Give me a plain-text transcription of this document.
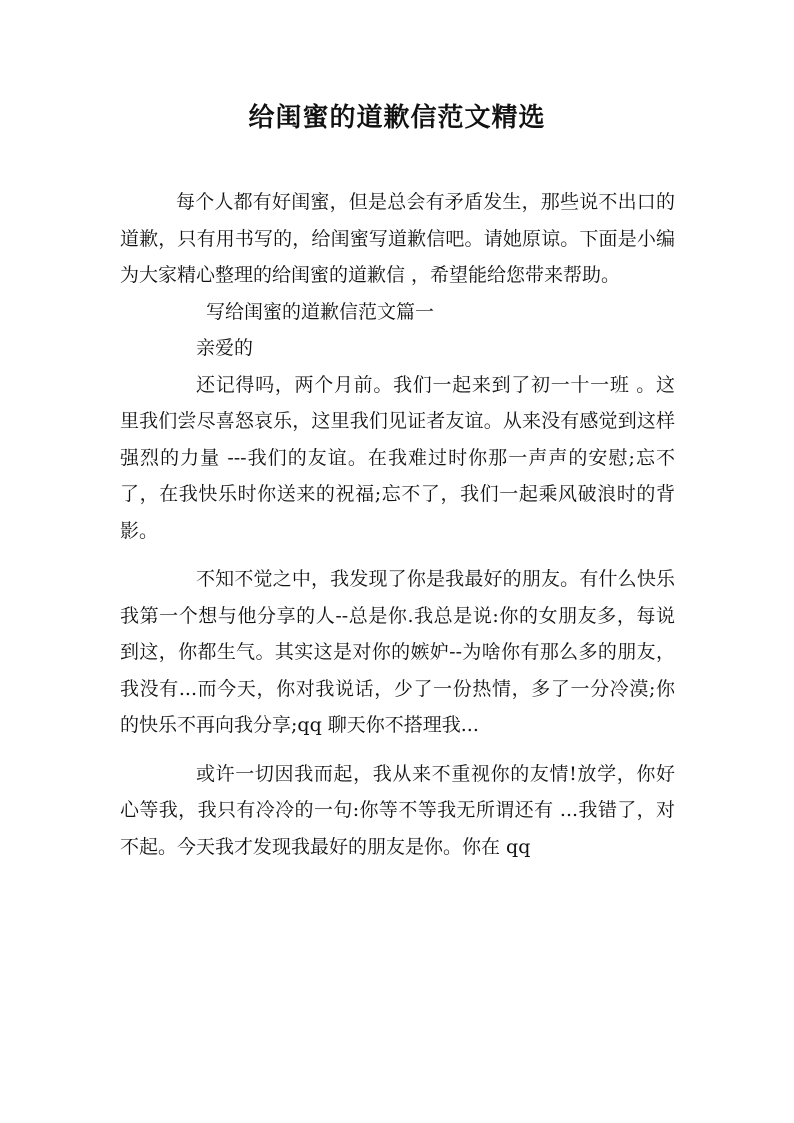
给闺蜜的道歉信范文精选

每个人都有好闺蜜，但是总会有矛盾发生，那些说不出口的道歉，只有用书写的，给闺蜜写道歉信吧。请她原谅。下面是小编为大家精心整理的给闺蜜的道歉信 ，希望能给您带来帮助。

写给闺蜜的道歉信范文篇一

亲爱的

还记得吗，两个月前。我们一起来到了初一十一班 。这里我们尝尽喜怒哀乐，这里我们见证者友谊。从来没有感觉到这样强烈的力量 ---我们的友谊。在我难过时你那一声声的安慰;忘不了，在我快乐时你送来的祝福;忘不了，我们一起乘风破浪时的背影。

不知不觉之中，我发现了你是我最好的朋友。有什么快乐我第一个想与他分享的人--总是你.我总是说:你的女朋友多，每说到这，你都生气。其实这是对你的嫉妒--为啥你有那么多的朋友，我没有...而今天，你对我说话，少了一份热情，多了一分冷漠;你的快乐不再向我分享;qq 聊天你不搭理我...

或许一切因我而起，我从来不重视你的友情!放学，你好心等我，我只有冷冷的一句:你等不等我无所谓还有 ...我错了，对不起。今天我才发现我最好的朋友是你。你在 qq
